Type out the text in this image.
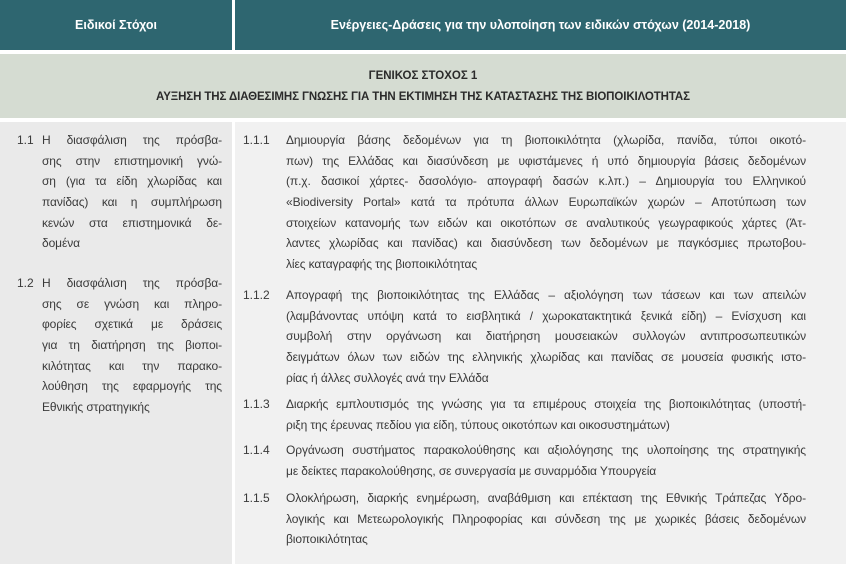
Ειδικοί Στόχοι	Ενέργειες-Δράσεις για την υλοποίηση των ειδικών στόχων (2014-2018)
ΓΕΝΙΚΟΣ ΣΤΟΧΟΣ 1
ΑΥΞΗΣΗ ΤΗΣ ΔΙΑΘΕΣΙΜΗΣ ΓΝΩΣΗΣ ΓΙΑ ΤΗΝ ΕΚΤΙΜΗΣΗ ΤΗΣ ΚΑΤΑΣΤΑΣΗΣ ΤΗΣ ΒΙΟΠΟΙΚΙΛΟΤΗΤΑΣ
1.1 Η διασφάλιση της πρόσβα-
σης στην επιστημονική γνώ-
ση (για τα είδη χλωρίδας και
πανίδας) και η συμπλήρωση
κενών στα επιστημονικά δε-
δομένα
1.2 Η διασφάλιση της πρόσβα-
σης σε γνώση και πληρο-
φορίες σχετικά με δράσεις
για τη διατήρηση της βιοποι-
κιλότητας και την παρακο-
λούθηση της εφαρμογής της
Εθνικής στρατηγικής
1.1.1 Δημιουργία βάσης δεδομένων για τη βιοποικιλότητα (χλωρίδα, πανίδα, τύποι οικοτό-
πων) της Ελλάδας και διασύνδεση με υφιστάμενες ή υπό δημιουργία βάσεις δεδομένων
(π.χ. δασικοί χάρτες- δασολόγιο- απογραφή δασών κ.λπ.) – Δημιουργία του Ελληνικού
«Biodiversity Portal» κατά τα πρότυπα άλλων Ευρωπαϊκών χωρών – Αποτύπωση των
στοιχείων κατανομής των ειδών και οικοτόπων σε αναλυτικούς γεωγραφικούς χάρτες (Άτ-
λαντες χλωρίδας και πανίδας) και διασύνδεση των δεδομένων με παγκόσμιες πρωτοβου-
λίες καταγραφής της βιοποικιλότητας
1.1.2 Απογραφή της βιοποικιλότητας της Ελλάδας – αξιολόγηση των τάσεων και των απειλών
(λαμβάνοντας υπόψη κατά το εισβλητικά / χωροκατακτητικά ξενικά είδη) – Ενίσχυση και
συμβολή στην οργάνωση και διατήρηση μουσειακών συλλογών αντιπροσωπευτικών
δειγμάτων όλων των ειδών της ελληνικής χλωρίδας και πανίδας σε μουσεία φυσικής ιστο-
ρίας ή άλλες συλλογές ανά την Ελλάδα
1.1.3 Διαρκής εμπλουτισμός της γνώσης για τα επιμέρους στοιχεία της βιοποικιλότητας (υποστή-
ριξη της έρευνας πεδίου για είδη, τύπους οικοτόπων και οικοσυστημάτων)
1.1.4 Οργάνωση συστήματος παρακολούθησης και αξιολόγησης της υλοποίησης της στρατηγικής
με δείκτες παρακολούθησης, σε συνεργασία με συναρμόδια Υπουργεία
1.1.5 Ολοκλήρωση, διαρκής ενημέρωση, αναβάθμιση και επέκταση της Εθνικής Τράπεζας Υδρο-
λογικής και Μετεωρολογικής Πληροφορίας και σύνδεση της με χωρικές βάσεις δεδομένων
βιοποικιλότητας
